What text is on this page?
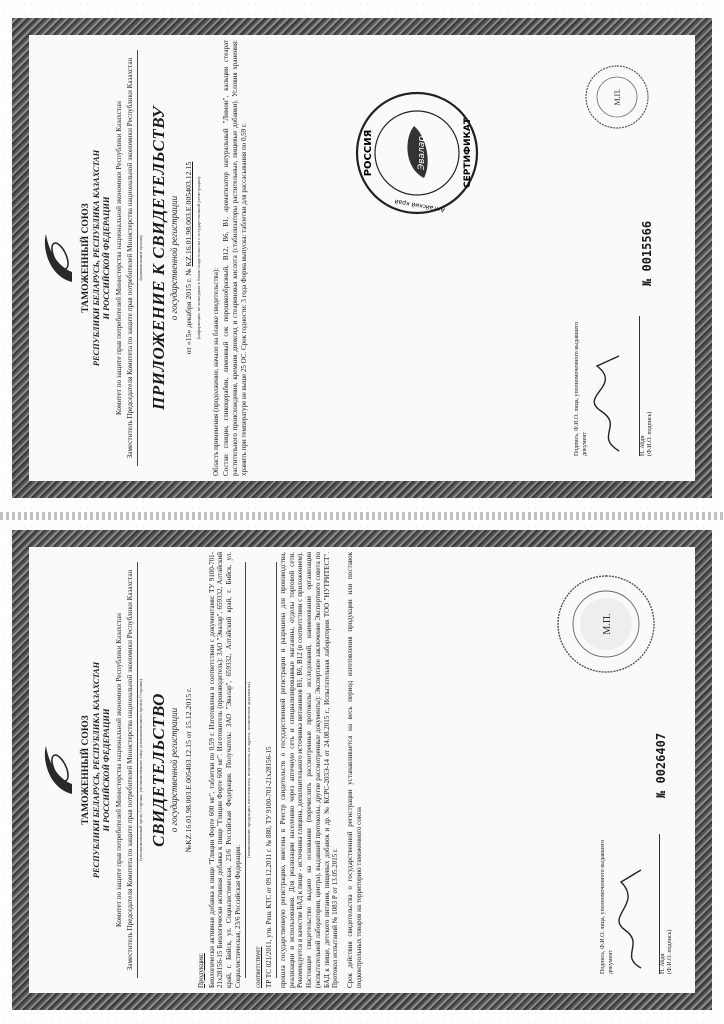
ТАМОЖЕННЫЙ СОЮЗ РЕСПУБЛИКИ БЕЛАРУСЬ, РЕСПУБЛИКА КАЗАХСТАН И РОССИЙСКОЙ ФЕДЕРАЦИИ Комитет по защите прав потребителей Министерства национальной экономики Республики Казахстан Заместитель Председателя Комитета по защите прав потребителей Министерства национальной экономики Республики Казахстан (наименование органа) ПРИЛОЖЕНИЕ К СВИДЕТЕЛЬСТВУ о государственной регистрации

от «15» декабря 2015 г. № KZ.16.01.98.003.Е.005403.12.15 (информация, не вошедшая в бланк свидетельства о государственной регистрации)

Область применения (продолжение, начало на бланке свидетельства): Состав: глицин, гликоцерабин, лимонный сок порошкообразный, B12, B6, B1, ароматизатор натуральный "Лимон", кальция стеарат растительного происхождения, кремния диоксид и стеариновая кислота (стабилизаторы растительные, пищевые добавки). Условия хранения: хранить при температуре не выше 25 ОС. Срок годности: 3 года Форма выпуска: таблетки для рассасывания по 0,59 г.	Эвалар
РОССИЯ	СЕРТИФИКАТ
Алтайский край
М.П.
Подпись, Ф.И.О. лица, уполномоченного выдавшего документ	Н. Абди (Ф.И.О. подпись)
№ 0015566

ТАМОЖЕННЫЙ СОЮЗ РЕСПУБЛИКИ БЕЛАРУСЬ, РЕСПУБЛИКА КАЗАХСТАН И РОССИЙСКОЙ ФЕДЕРАЦИИ Комитет по защите прав потребителей Министерства национальной экономики Республики Казахстан Заместитель Председателя Комитета по защите прав потребителей Министерства национальной экономики Республики Казахстан (уполномоченный орган Стороны, уполномоченное лицо уполномоченного органа Стороны) СВИДЕТЕЛЬСТВО о государственной регистрации №KZ.16.01.98.003.Е.005403.12.15 от 15.12.2015 г.

Продукция: Биологически активная добавка к пище "Глицин Форте 600 мг", таблетки по 0,59 г. Изготовлена в соответствии с документами: ТУ 9100-701-21x28156-15 Биологически активная добавка к пище "Глицин Форте 600 мг". Изготовитель (производитель): ЗАО "Эвалар", 659332, Алтайский край, г. Бийск, ул. Социалистическая, 23/6 Российская Федерация. Получатель: ЗАО "Эвалар", 659332, Алтайский край, г. Бийск, ул. Социалистическая, 23/6 Российская Федерация.

(наименование продукции, изготовителя, получателя, их адреса, технические документы)

соответствует ТР ТС 021/2011, утв. Реш. КТС от 09.12.2011 г. № 880, ТУ 9100-701-21x28156-15 прошла государственную регистрацию, внесена в Реестр свидетельств о государственной регистрации и разрешена для производства, реализации и использования. Для реализации населению через аптечную сеть и специализированные магазины, отделы торговой сети. Рекомендуется в качестве БАД к пище - источника глицина, дополнительного источника витаминов B1, B6, B12 (в соответствии с приложением). Настоящее свидетельство выдано на основании (перечислить рассмотренные протоколы исследований, наименование организации (испытательной лаборатории, центра), выдавшей протоколы, другие рассмотренные документы): Экспертное заключение Экспертного совета по БАД к пище, детского питания, пищевых добавок и др. № КСРС-203Э-14 от 24.08.2015 г., Испытательная лаборатория ТОО "НУТРИТЕСТ". Протокол испытаний № 1083 Р от 13.05.2015 г. Срок действия свидетельства о государственной регистрации устанавливается на весь период изготовления продукции или поставок подконтрольных товаров на территорию таможенного союза

М.П.
Подпись, Ф.И.О. лица, уполномоченного выдавшего документ	Н. Абди (Ф.И.О. подпись)
№ 0026407
